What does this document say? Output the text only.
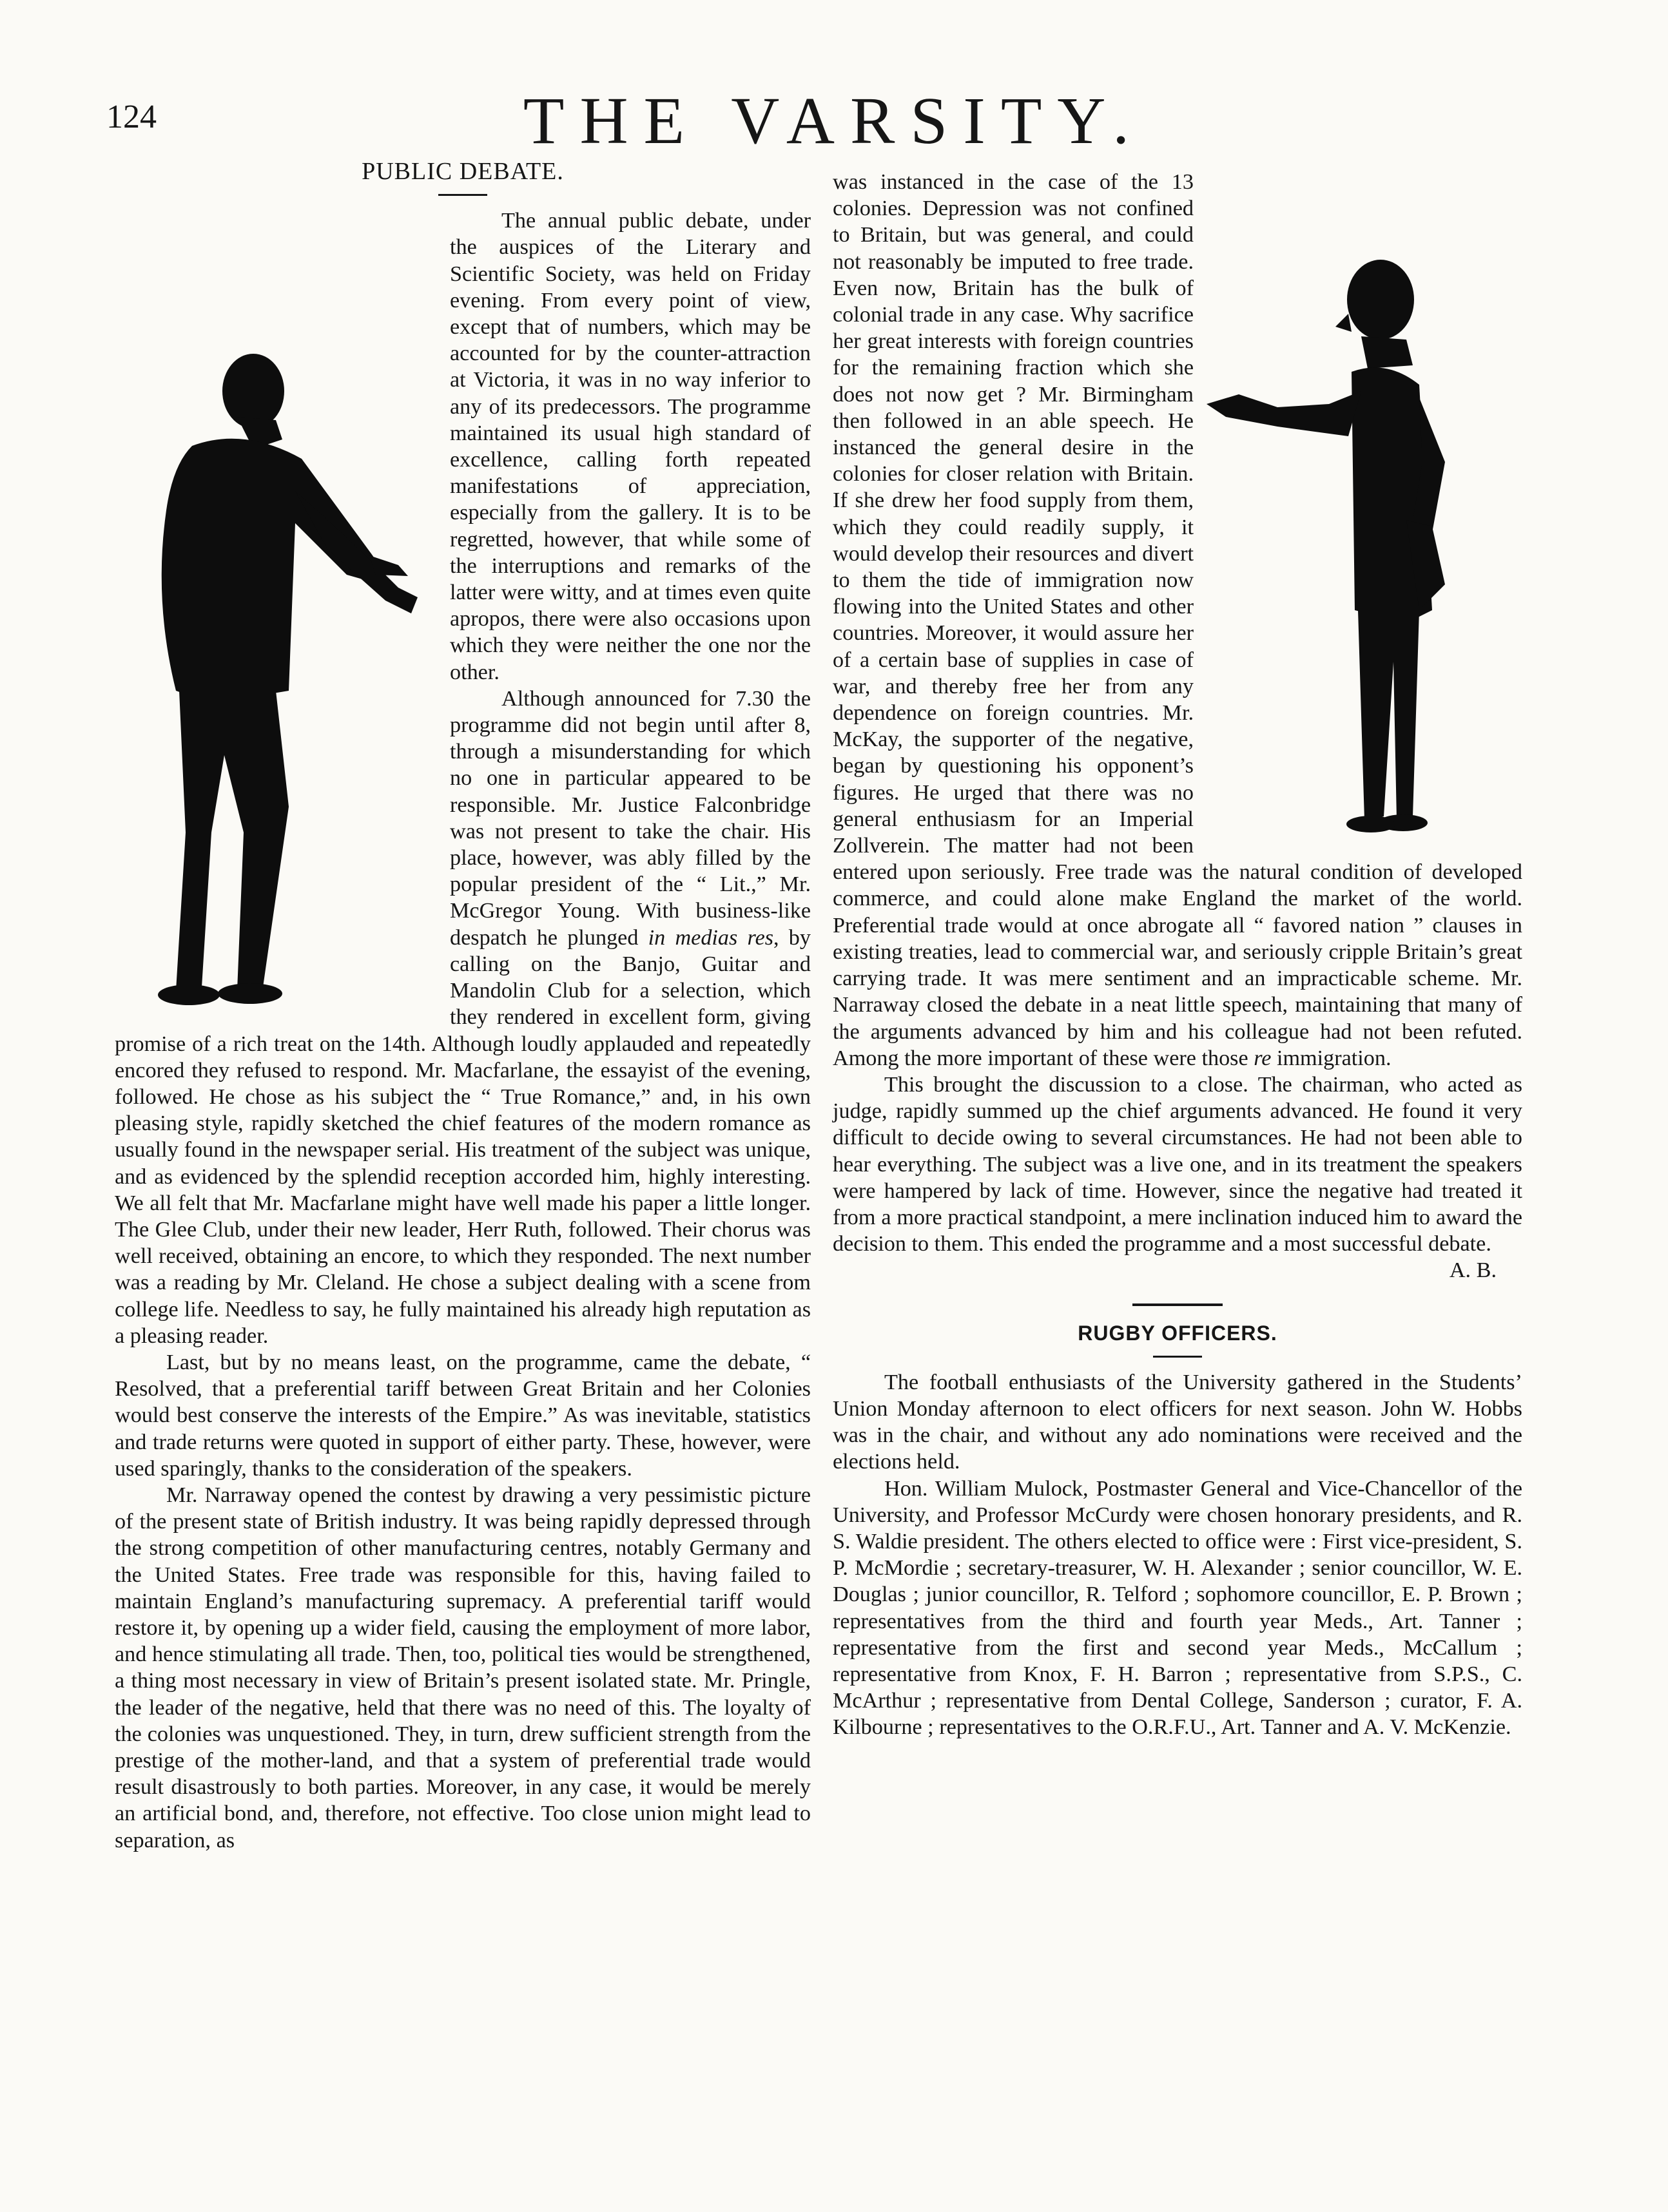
124	THE VARSITY.
PUBLIC DEBATE.

The annual public debate, under the auspices of the Literary and Scientific Society, was held on Friday evening. From every point of view, except that of numbers, which may be accounted for by the counter-attraction at Victoria, it was in no way inferior to any of its predecessors. The programme maintained its usual high standard of excellence, calling forth repeated manifestations of appreciation, especially from the gallery. It is to be regretted, however, that while some of the interruptions and remarks of the latter were witty, and at times even quite apropos, there were also occasions upon which they were neither the one nor the other.

Although announced for 7.30 the programme did not begin until after 8, through a misunderstanding for which no one in particular appeared to be responsible. Mr. Justice Falconbridge was not present to take the chair. His place, however, was ably filled by the popular president of the “ Lit.,” Mr. McGregor Young. With business-like despatch he plunged in medias res, by calling on the Banjo, Guitar and Mandolin Club for a selection, which they rendered in excellent form, giving promise of a rich treat on the 14th. Although loudly applauded and repeatedly encored they refused to respond. Mr. Macfarlane, the essayist of the evening, followed. He chose as his subject the “ True Romance,” and, in his own pleasing style, rapidly sketched the chief features of the modern romance as usually found in the newspaper serial. His treatment of the subject was unique, and as evidenced by the splendid reception accorded him, highly interesting. We all felt that Mr. Macfarlane might have well made his paper a little longer. The Glee Club, under their new leader, Herr Ruth, followed. Their chorus was well received, obtaining an encore, to which they responded. The next number was a reading by Mr. Cleland. He chose a subject dealing with a scene from college life. Needless to say, he fully maintained his already high reputation as a pleasing reader.

Last, but by no means least, on the programme, came the debate, “ Resolved, that a preferential tariff between Great Britain and her Colonies would best conserve the interests of the Empire.” As was inevitable, statistics and trade returns were quoted in support of either party. These, however, were used sparingly, thanks to the consideration of the speakers.

Mr. Narraway opened the contest by drawing a very pessimistic picture of the present state of British industry. It was being rapidly depressed through the strong competition of other manufacturing centres, notably Germany and the United States. Free trade was responsible for this, having failed to maintain England’s manufacturing supremacy. A preferential tariff would restore it, by opening up a wider field, causing the employment of more labor, and hence stimulating all trade. Then, too, political ties would be strengthened, a thing most necessary in view of Britain’s present isolated state. Mr. Pringle, the leader of the negative, held that there was no need of this. The loyalty of the colonies was unquestioned. They, in turn, drew sufficient strength from the prestige of the mother-land, and that a system of preferential trade would result disastrously to both parties. Moreover, in any case, it would be merely an artificial bond, and, therefore, not effective. Too close union might lead to separation, as

was instanced in the case of the 13 colonies. Depression was not confined to Britain, but was general, and could not reasonably be imputed to free trade. Even now, Britain has the bulk of colonial trade in any case. Why sacrifice her great interests with foreign countries for the remaining fraction which she does not now get ? Mr. Birmingham then followed in an able speech. He instanced the general desire in the colonies for closer relation with Britain. If she drew her food supply from them, which they could readily supply, it would develop their resources and divert to them the tide of immigration now flowing into the United States and other countries. Moreover, it would assure her of a certain base of supplies in case of war, and thereby free her from any dependence on foreign countries. Mr. McKay, the supporter of the negative, began by questioning his opponent’s figures. He urged that there was no general enthusiasm for an Imperial Zollverein. The matter had not been entered upon seriously. Free trade was the natural condition of developed commerce, and could alone make England the market of the world. Preferential trade would at once abrogate all “ favored nation ” clauses in existing treaties, lead to commercial war, and seriously cripple Britain’s great carrying trade. It was mere sentiment and an impracticable scheme. Mr. Narraway closed the debate in a neat little speech, maintaining that many of the arguments advanced by him and his colleague had not been refuted. Among the more important of these were those re immigration.

This brought the discussion to a close. The chairman, who acted as judge, rapidly summed up the chief arguments advanced. He found it very difficult to decide owing to several circumstances. He had not been able to hear everything. The subject was a live one, and in its treatment the speakers were hampered by lack of time. However, since the negative had treated it from a more practical standpoint, a mere inclination induced him to award the decision to them. This ended the programme and a most successful debate.
A. B.

RUGBY OFFICERS.

The football enthusiasts of the University gathered in the Students’ Union Monday afternoon to elect officers for next season. John W. Hobbs was in the chair, and without any ado nominations were received and the elections held.

Hon. William Mulock, Postmaster General and Vice-Chancellor of the University, and Professor McCurdy were chosen honorary presidents, and R. S. Waldie president. The others elected to office were : First vice-president, S. P. McMordie ; secretary-treasurer, W. H. Alexander ; senior councillor, W. E. Douglas ; junior councillor, R. Telford ; sophomore councillor, E. P. Brown ; representatives from the third and fourth year Meds., Art. Tanner ; representative from the first and second year Meds., McCallum ; representative from Knox, F. H. Barron ; representative from S.P.S., C. McArthur ; representative from Dental College, Sanderson ; curator, F. A. Kilbourne ; representatives to the O.R.F.U., Art. Tanner and A. V. McKenzie.
